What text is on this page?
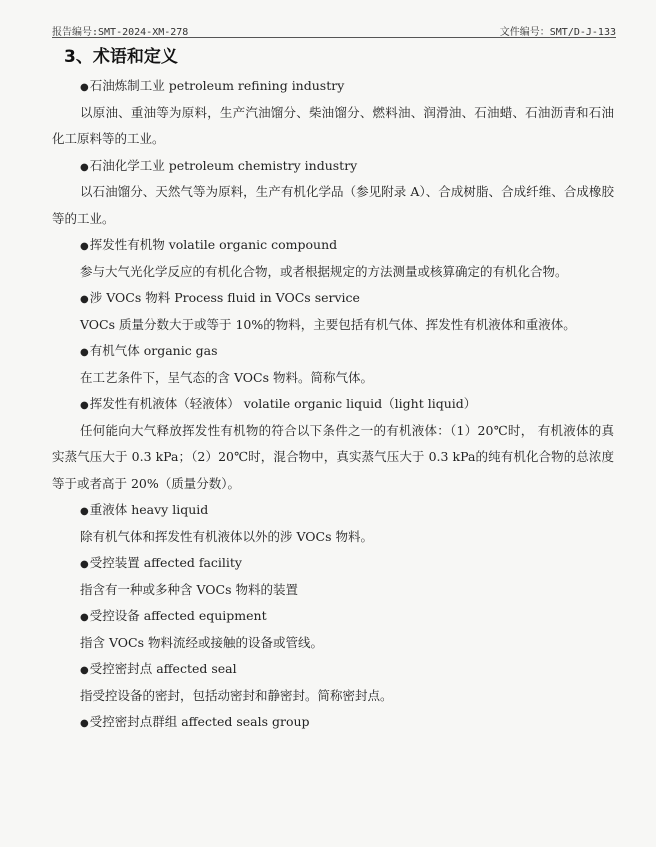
报告编号:SMT-2024-XM-278	文件编号：SMT/D-J-133
3、术语和定义

●石油炼制工业 petroleum refining industry

以原油、重油等为原料，生产汽油馏分、柴油馏分、燃料油、润滑油、石油蜡、石油沥青和石油化工原料等的工业。

●石油化学工业 petroleum chemistry industry

以石油馏分、天然气等为原料，生产有机化学品（参见附录 A）、合成树脂、合成纤维、合成橡胶等的工业。

●挥发性有机物 volatile organic compound

参与大气光化学反应的有机化合物，或者根据规定的方法测量或核算确定的有机化合物。

●涉 VOCs 物料 Process fluid in VOCs service

VOCs 质量分数大于或等于 10%的物料，主要包括有机气体、挥发性有机液体和重液体。

●有机气体 organic gas

在工艺条件下，呈气态的含 VOCs 物料。简称气体。

●挥发性有机液体（轻液体） volatile organic liquid（light liquid）

任何能向大气释放挥发性有机物的符合以下条件之一的有机液体：（1）20℃时， 有机液体的真实蒸气压大于 0.3 kPa；（2）20℃时，混合物中，真实蒸气压大于 0.3 kPa的纯有机化合物的总浓度等于或者高于 20%（质量分数）。

●重液体 heavy liquid

除有机气体和挥发性有机液体以外的涉 VOCs 物料。

●受控装置 affected facility

指含有一种或多种含 VOCs 物料的装置

●受控设备 affected equipment

指含 VOCs 物料流经或接触的设备或管线。

●受控密封点 affected seal

指受控设备的密封，包括动密封和静密封。简称密封点。

●受控密封点群组 affected seals group
